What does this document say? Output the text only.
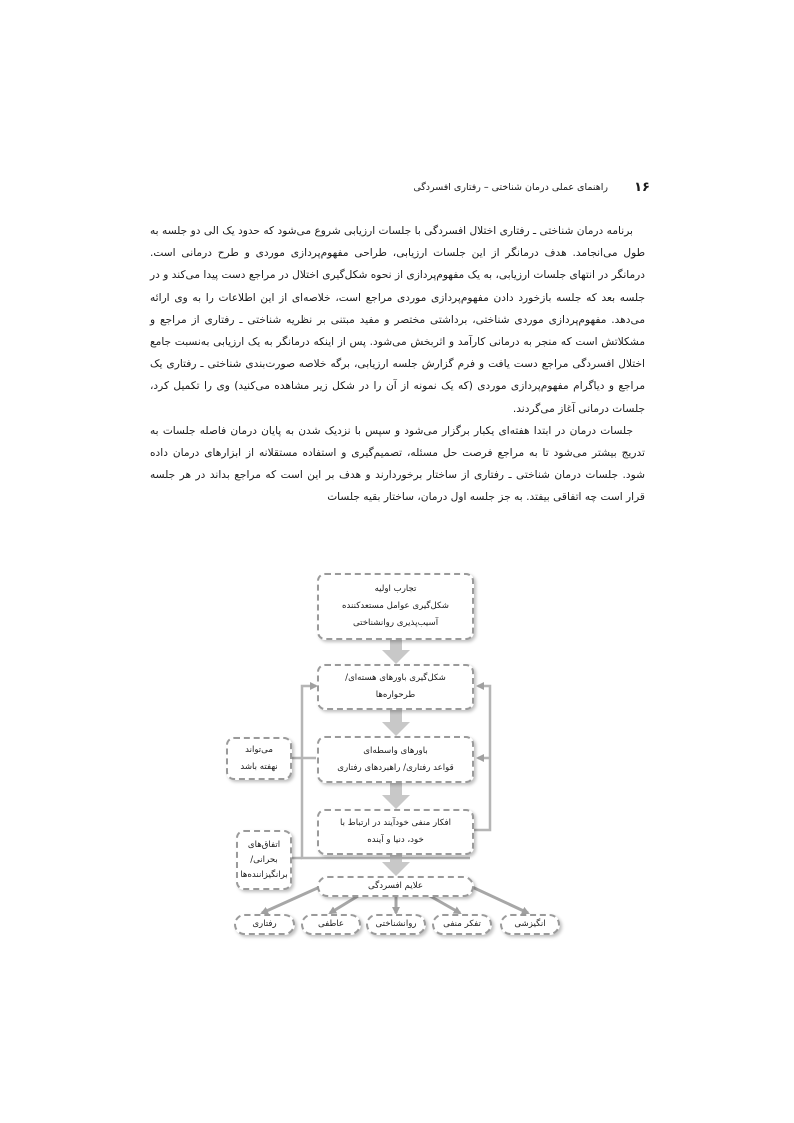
۱۶
راهنمای عملی درمان شناختی – رفتاری افسردگی

برنامه درمان شناختی ـ رفتاری اختلال افسردگی با جلسات ارزیابی شروع می‌شود که حدود یک الی دو جلسه به طول می‌انجامد. هدف درمانگر از این جلسات ارزیابی، طراحی مفهوم‌پردازی موردی و طرح درمانی است. درمانگر در انتهای جلسات ارزیابی، به یک مفهوم‌پردازی از نحوه شکل‌گیری اختلال در مراجع دست پیدا می‌کند و در جلسه بعد که جلسه بازخورد دادن مفهوم‌پردازی موردی مراجع است، خلاصه‌ای از این اطلاعات را به وی ارائه می‌دهد. مفهوم‌پردازی موردی شناختی، برداشتی مختصر و مفید مبتنی بر نظریه شناختی ـ رفتاری از مراجع و مشکلاتش است که منجر به درمانی کارآمد و اثربخش می‌شود. پس از اینکه درمانگر به یک ارزیابی به‌نسبت جامع اختلال افسردگی مراجع دست یافت و فرم گزارش جلسه ارزیابی، برگه خلاصه صورت‌بندی شناختی ـ رفتاری یک مراجع و دیاگرام مفهوم‌پردازی موردی (که یک نمونه از آن را در شکل زیر مشاهده می‌کنید) وی را تکمیل کرد، جلسات درمانی آغاز می‌گردند.

جلسات درمان در ابتدا هفته‌ای یکبار برگزار می‌شود و سپس با نزدیک شدن به پایان درمان فاصله جلسات به تدریج بیشتر می‌شود تا به مراجع فرصت حل مسئله، تصمیم‌گیری و استفاده مستقلانه از ابزارهای درمان داده شود. جلسات درمان شناختی ـ رفتاری از ساختار برخوردارند و هدف بر این است که مراجع بداند در هر جلسه قرار است چه اتفاقی بیفتد. به جز جلسه اول درمان، ساختار بقیه جلسات

تجارب اولیه
شکل‌گیری عوامل مستعدکننده
آسیب‌پذیری روانشناختی
شکل‌گیری باورهای هسته‌ای/
طرحواره‌ها
باورهای واسطه‌ای
قواعد رفتاری/ راهبردهای رفتاری
افکار منفی خودآیند در ارتباط با
خود، دنیا و آینده
می‌تواند
نهفته باشد
اتفاق‌های
بحرانی/
برانگیزاننده‌ها
علایم افسردگی
انگیزشی
تفکر منفی
روانشناختی
عاطفی
رفتاری
